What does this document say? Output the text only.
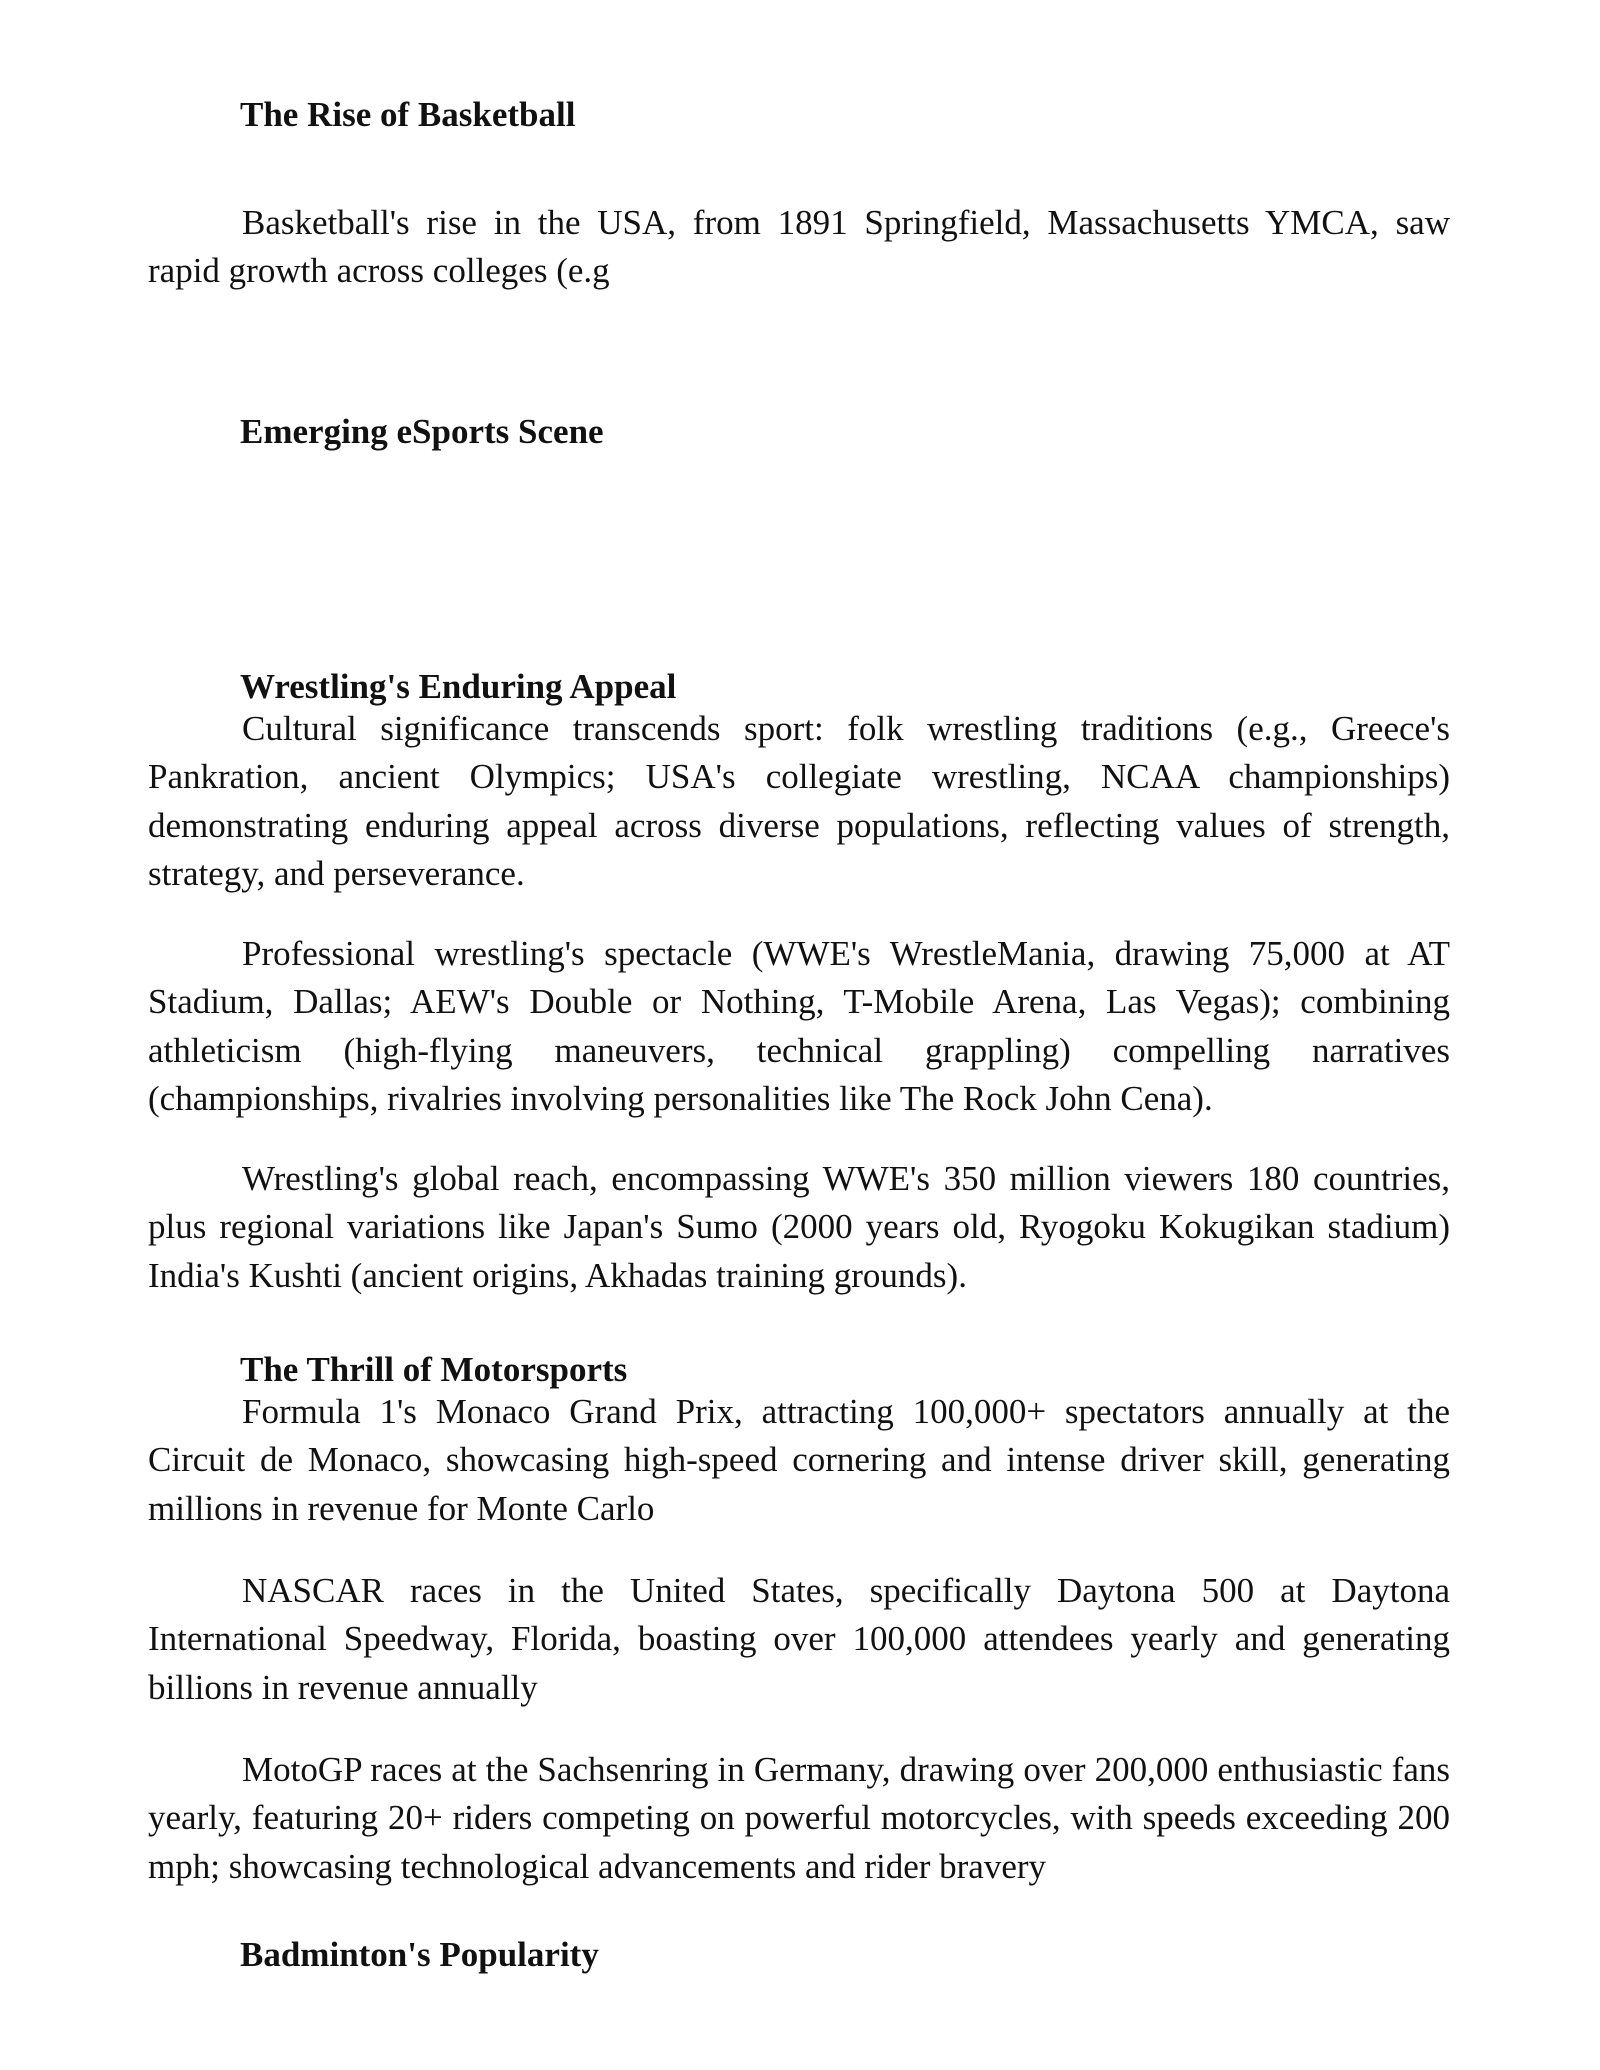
The Rise of Basketball

Basketball's rise in the USA, from 1891 Springfield, Massachusetts YMCA, saw rapid growth across colleges (e.g

Emerging eSports Scene
Wrestling's Enduring Appeal

Cultural significance transcends sport: folk wrestling traditions (e.g., Greece's Pankration, ancient Olympics; USA's collegiate wrestling, NCAA championships) demonstrating enduring appeal across diverse populations, reflecting values of strength, strategy, and perseverance.

Professional wrestling's spectacle (WWE's WrestleMania, drawing 75,000 at AT Stadium, Dallas; AEW's Double or Nothing, T-Mobile Arena, Las Vegas); combining athleticism (high-flying maneuvers, technical grappling) compelling narratives (championships, rivalries involving personalities like The Rock John Cena).

Wrestling's global reach, encompassing WWE's 350 million viewers 180 countries, plus regional variations like Japan's Sumo (2000 years old, Ryogoku Kokugikan stadium) India's Kushti (ancient origins, Akhadas training grounds).

The Thrill of Motorsports

Formula 1's Monaco Grand Prix, attracting 100,000+ spectators annually at the Circuit de Monaco, showcasing high-speed cornering and intense driver skill, generating millions in revenue for Monte Carlo

NASCAR races in the United States, specifically Daytona 500 at Daytona International Speedway, Florida, boasting over 100,000 attendees yearly and generating billions in revenue annually

MotoGP races at the Sachsenring in Germany, drawing over 200,000 enthusiastic fans yearly, featuring 20+ riders competing on powerful motorcycles, with speeds exceeding 200 mph; showcasing technological advancements and rider bravery

Badminton's Popularity
